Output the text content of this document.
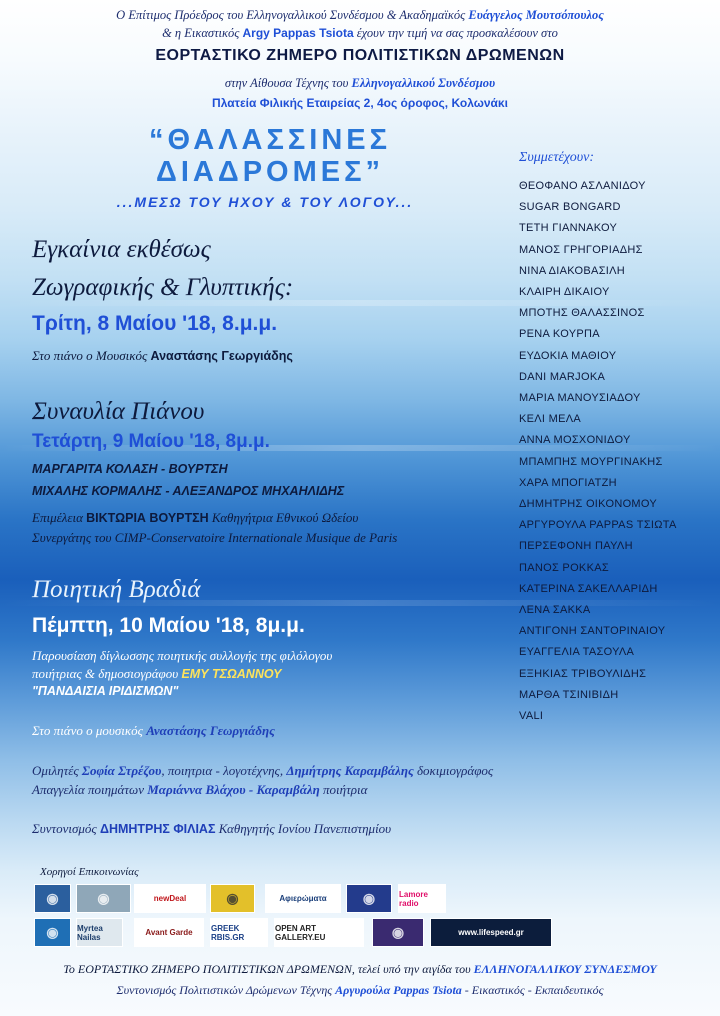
Ο Επίτιμος Πρόεδρος του Ελληνογαλλικού Συνδέσμου & Ακαδημαϊκός Ευάγγελος Μουτσόπουλος
& η Εικαστικός Argy Pappas Tsiota έχουν την τιμή να σας προσκαλέσουν στο
ΕΟΡΤΑΣΤΙΚΟ ΖΗΜΕΡΟ ΠΟΛΙΤΙΣΤΙΚΩΝ ΔΡΩΜΕΝΩΝ
στην Αίθουσα Τέχνης του Ελληνογαλλικού Συνδέσμου
Πλατεία Φιλικής Εταιρείας 2, 4ος όροφος, Κολωνάκι
“ΘΑΛΑΣΣΙΝΕΣ
ΔΙΑΔΡΟΜΕΣ”
...ΜΕΣΩ ΤΟΥ ΗΧΟΥ & ΤΟΥ ΛΟΓΟΥ...
Εγκαίνια εκθέσως
Ζωγραφικής & Γλυπτικής:
Τρίτη, 8 Μαίου '18, 8.μ.μ.
Στο πιάνο ο Μουσικός Αναστάσης Γεωργιάδης
Συναυλία Πιάνου
Τετάρτη, 9 Μαίου '18, 8μ.μ.
ΜΑΡΓΑΡΙΤΑ ΚΟΛΑΣΗ - ΒΟΥΡΤΣΗ
ΜΙΧΑΛΗΣ ΚΟΡΜΑΛΗΣ - ΑΛΕΞΑΝΔΡΟΣ ΜΗΧΑΗΛΙΔΗΣ
Επιμέλεια ΒΙΚΤΩΡΙΑ ΒΟΥΡΤΣΗ Καθηγήτρια Εθνικού Ωδείου
Συνεργάτης του CIMP-Conservatoire Internationale Musique de Paris
Ποιητική Βραδιά
Πέμπτη, 10 Μαίου '18, 8μ.μ.
Παρουσίαση δίγλωσσης ποιητικής συλλογής της φιλόλογου
ποιήτριας & δημοσιογράφου ΕΜΥ ΤΣΩΑΝΝΟΥ
"ΠΑΝΔΑΙΣΙΑ ΙΡΙΔΙΣΜΩΝ"
Στο πιάνο ο μουσικός Αναστάσης Γεωργιάδης
Ομιλητές Σοφία Στρέζου, ποιητρια - λογοτέχνης, Δημήτρης Καραμβάλης δοκιμιογράφος
Απαγγελία ποιημάτων Μαριάννα Βλάχου - Καραμβάλη ποιήτρια
Συντονισμός ΔΗΜΗΤΡΗΣ ΦΙΛΙΑΣ Καθηγητής Ιονίου Πανεπιστημίου
Συμμετέχουν:
ΘΕΟΦΑΝΟ ΑΣΛΑΝΙΔΟΥ
SUGAR BONGARD
ΤΕΤΗ ΓΙΑΝΝΑΚΟΥ
ΜΑΝΟΣ ΓΡΗΓΟΡΙΑΔΗΣ
ΝΙΝΑ ΔΙΑΚΟΒΑΣΙΛΗ
ΚΛΑΙΡΗ ΔΙΚΑΙΟΥ
ΜΠΟΤΗΣ ΘΑΛΑΣΣΙΝΟΣ
ΡΕΝΑ ΚΟΥΡΠΑ
ΕΥΔΟΚΙΑ ΜΑΘΙΟΥ
DANI MARJOKA
ΜΑΡΙΑ ΜΑΝΟΥΣΙΑΔΟΥ
ΚΕΛΙ ΜΕΛΑ
ΑΝΝΑ ΜΟΣΧΟΝΙΔΟΥ
ΜΠΑΜΠΗΣ ΜΟΥΡΓΙΝΑΚΗΣ
ΧΑΡΑ ΜΠΟΓΙΑΤΖΗ
ΔΗΜΗΤΡΗΣ ΟΙΚΟΝΟΜΟΥ
ΑΡΓΥΡΟΥΛΑ PAPPAS ΤΣΙΩΤΑ
ΠΕΡΣΕΦΟΝΗ ΠΑΥΛΗ
ΠΑΝΟΣ ΡΟΚΚΑΣ
ΚΑΤΕΡΙΝΑ ΣΑΚΕΛΛΑΡΙΔΗ
ΛΕΝΑ ΣΑΚΚΑ
ΑΝΤΙΓΟΝΗ ΣΑΝΤΟΡΙΝΑΙΟΥ
ΕΥΑΓΓΕΛΙΑ ΤΑΣΟΥΛΑ
ΕΞΗΚΙΑΣ ΤΡΙΒΟΥΛΙΔΗΣ
ΜΑΡΘΑ ΤΣΙΝΙΒΙΔΗ
VALI
Χορηγοί Επικοινωνίας
◉	◉	newDeal	◉	Αφιερώματα	◉	Lamore radio
◉ Myrtea Nailas	Avant Garde GREEK RBIS.GR
OPEN ART GALLERY.EU	◉	www.lifespeed.gr
Το ΕΟΡΤΑΣΤΙΚΟ ΖΗΜΕΡΟ ΠΟΛΙΤΙΣΤΙΚΩΝ ΔΡΩΜΕΝΩΝ, τελεί υπό την αιγίδα του ΕΛΛΗΝΟΓΑΛΛΙΚΟΥ ΣΥΝΔΕΣΜΟΥ
Συντονισμός Πολιτιστικών Δρώμενων Τέχνης Αργυρούλα Pappas Tsiota - Εικαστικός - Εκπαιδευτικός
